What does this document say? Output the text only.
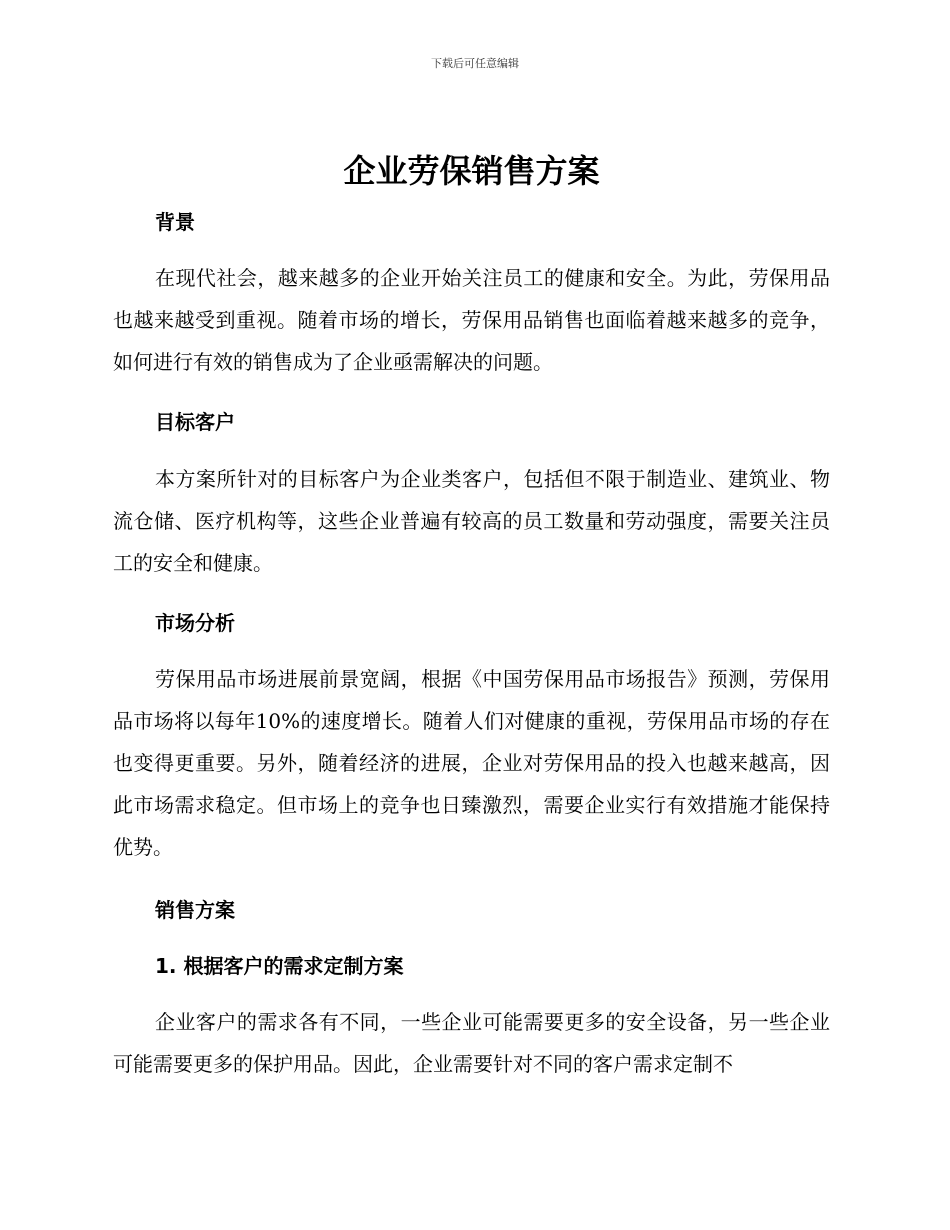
下载后可任意编辑
企业劳保销售方案
背景

在现代社会，越来越多的企业开始关注员工的健康和安全。为此，劳保用品也越来越受到重视。随着市场的增长，劳保用品销售也面临着越来越多的竞争，如何进行有效的销售成为了企业亟需解决的问题。

目标客户

本方案所针对的目标客户为企业类客户，包括但不限于制造业、建筑业、物流仓储、医疗机构等，这些企业普遍有较高的员工数量和劳动强度，需要关注员工的安全和健康。

市场分析

劳保用品市场进展前景宽阔，根据《中国劳保用品市场报告》预测，劳保用品市场将以每年10%的速度增长。随着人们对健康的重视，劳保用品市场的存在也变得更重要。另外，随着经济的进展，企业对劳保用品的投入也越来越高，因此市场需求稳定。但市场上的竞争也日臻激烈，需要企业实行有效措施才能保持优势。

销售方案
1. 根据客户的需求定制方案

企业客户的需求各有不同，一些企业可能需要更多的安全设备，另一些企业可能需要更多的保护用品。因此，企业需要针对不同的客户需求定制不
